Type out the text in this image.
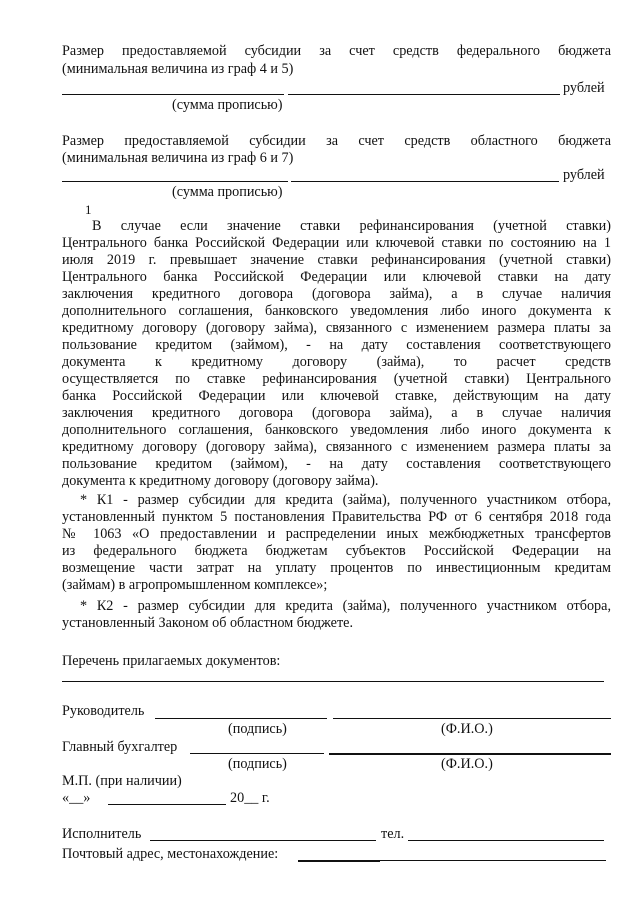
Размер предоставляемой субсидии за счет средств федерального бюджета
(минимальная величина из граф 4 и 5)
рублей
(сумма прописью)
Размер предоставляемой субсидии за счет средств областного бюджета
(минимальная величина из граф 6 и 7)
рублей
(сумма прописью)
1
В случае если значение ставки рефинансирования (учетной ставки)
Центрального банка Российской Федерации или ключевой ставки по состоянию на 1
июля 2019 г. превышает значение ставки рефинансирования (учетной ставки)
Центрального банка Российской Федерации или ключевой ставки на дату
заключения кредитного договора (договора займа), а в случае наличия
дополнительного соглашения, банковского уведомления либо иного документа к
кредитному договору (договору займа), связанного с изменением размера платы за
пользование кредитом (займом), - на дату составления соответствующего
документа к кредитному договору (займа), то расчет средств
осуществляется по ставке рефинансирования (учетной ставки) Центрального
банка Российской Федерации или ключевой ставке, действующим на дату
заключения кредитного договора (договора займа), а в случае наличия
дополнительного соглашения, банковского уведомления либо иного документа к
кредитному договору (договору займа), связанного с изменением размера платы за
пользование кредитом (займом), - на дату составления соответствующего
документа к кредитному договору (договору займа).
* К1 - размер субсидии для кредита (займа), полученного участником отбора,
установленный пунктом 5 постановления Правительства РФ от 6 сентября 2018 года
№ 1063 «О предоставлении и распределении иных межбюджетных трансфертов
из федерального бюджета бюджетам субъектов Российской Федерации на
возмещение части затрат на уплату процентов по инвестиционным кредитам
(займам) в агропромышленном комплексе»;
* К2 - размер субсидии для кредита (займа), полученного участником отбора,
установленный Законом об областном бюджете.
Перечень прилагаемых документов:
Руководитель
(подпись)	(Ф.И.О.)
Главный бухгалтер
(подпись)	(Ф.И.О.)
М.П. (при наличии)
«__»	20__ г.
Исполнитель	тел.
Почтовый адрес, местонахождение:
